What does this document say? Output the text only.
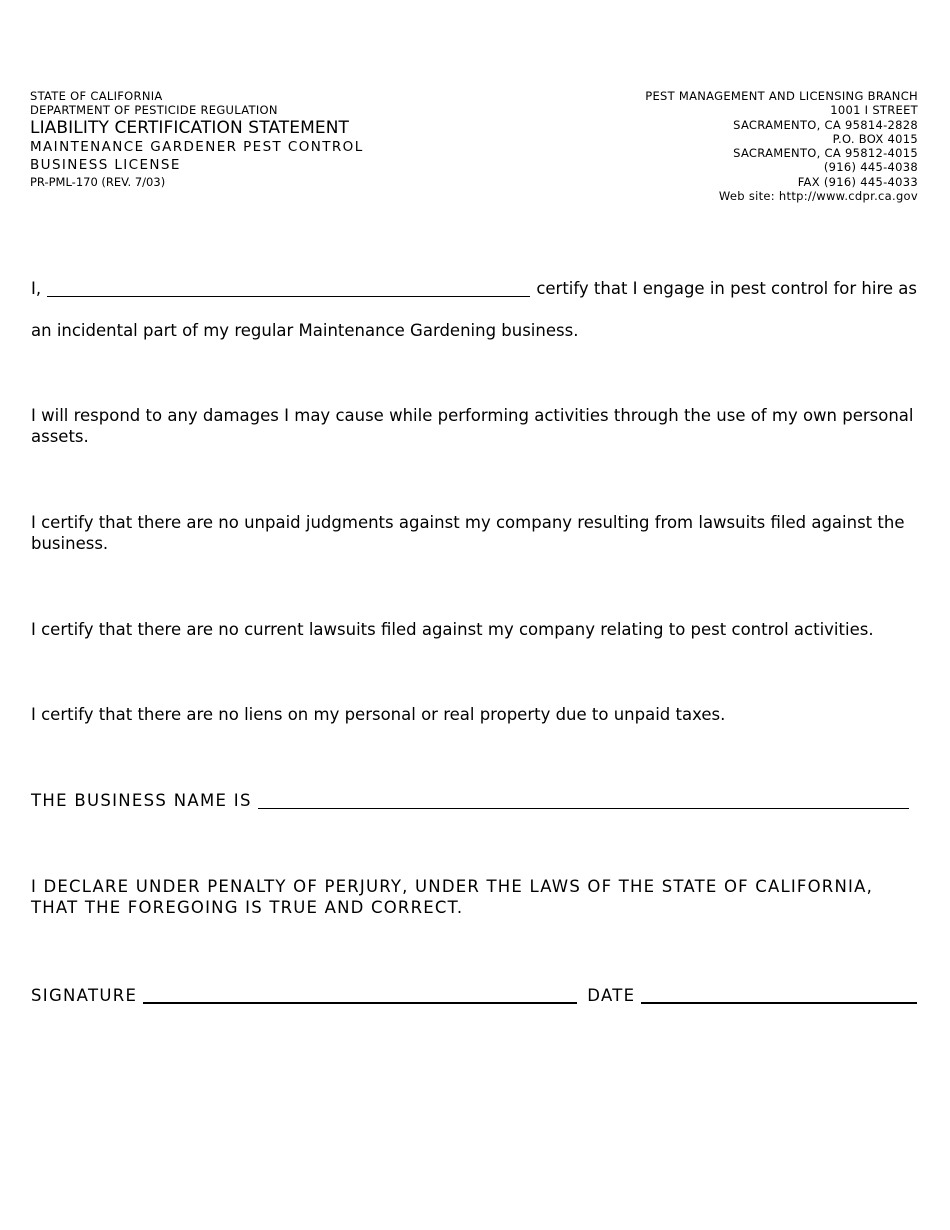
STATE OF CALIFORNIA
DEPARTMENT OF PESTICIDE REGULATION
LIABILITY CERTIFICATION STATEMENT
MAINTENANCE GARDENER PEST CONTROL
BUSINESS LICENSE
PR-PML-170 (REV. 7/03)
PEST MANAGEMENT AND LICENSING BRANCH
1001 I STREET
SACRAMENTO, CA 95814-2828
P.O. BOX 4015
SACRAMENTO, CA 95812-4015
(916) 445-4038
FAX (916) 445-4033
Web site: http://www.cdpr.ca.gov
I,	certify that I engage in pest control for hire as
an incidental part of my regular Maintenance Gardening business.
I will respond to any damages I may cause while performing activities through the use of my own personal assets.
I certify that there are no unpaid judgments against my company resulting from lawsuits filed against the business.
I certify that there are no current lawsuits filed against my company relating to pest control activities.
I certify that there are no liens on my personal or real property due to unpaid taxes.
THE BUSINESS NAME IS
I DECLARE UNDER PENALTY OF PERJURY, UNDER THE LAWS OF THE STATE OF CALIFORNIA, THAT THE FOREGOING IS TRUE AND CORRECT.
SIGNATURE	DATE
